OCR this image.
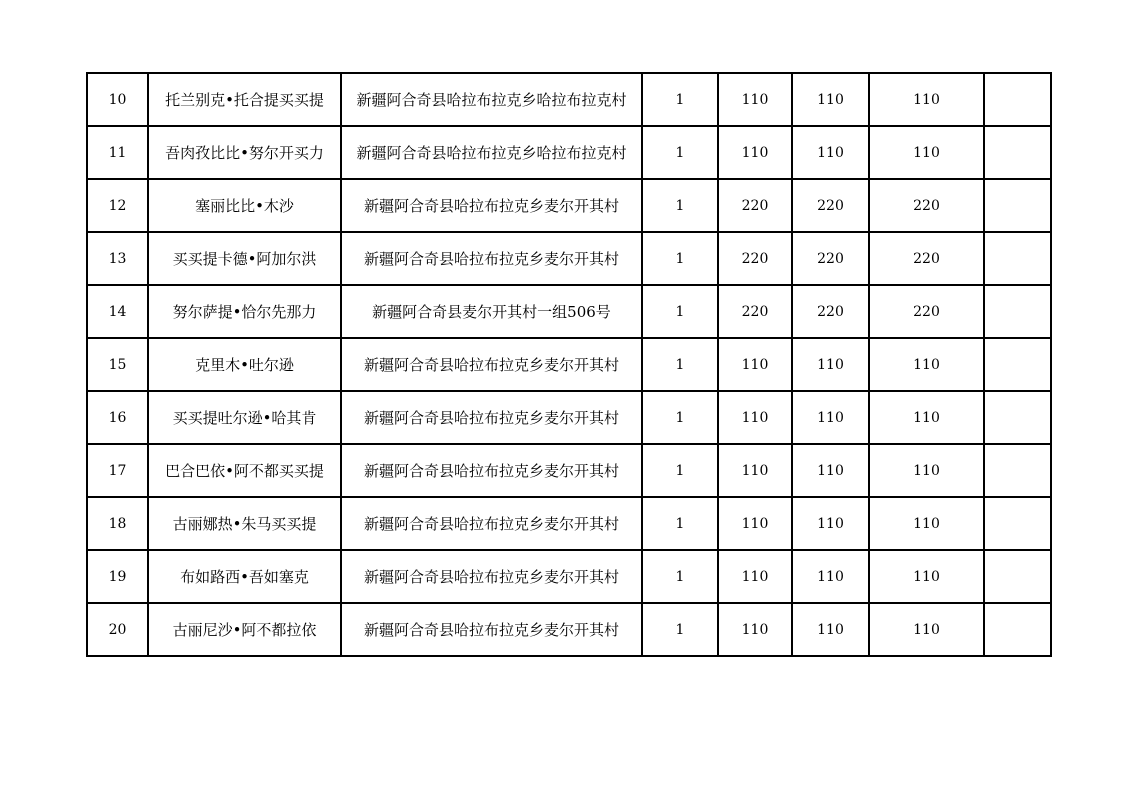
10	托兰别克•托合提买买提	新疆阿合奇县哈拉布拉克乡哈拉布拉克村	1	110	110	110	
11	吾肉孜比比•努尔开买力	新疆阿合奇县哈拉布拉克乡哈拉布拉克村	1	110	110	110	
12	塞丽比比•木沙	新疆阿合奇县哈拉布拉克乡麦尔开其村	1	220	220	220	
13	买买提卡德•阿加尔洪	新疆阿合奇县哈拉布拉克乡麦尔开其村	1	220	220	220	
14	努尔萨提•恰尔先那力	新疆阿合奇县麦尔开其村一组506号	1	220	220	220	
15	克里木•吐尔逊	新疆阿合奇县哈拉布拉克乡麦尔开其村	1	110	110	110	
16	买买提吐尔逊•哈其肯	新疆阿合奇县哈拉布拉克乡麦尔开其村	1	110	110	110	
17	巴合巴依•阿不都买买提	新疆阿合奇县哈拉布拉克乡麦尔开其村	1	110	110	110	
18	古丽娜热•朱马买买提	新疆阿合奇县哈拉布拉克乡麦尔开其村	1	110	110	110	
19	布如路西•吾如塞克	新疆阿合奇县哈拉布拉克乡麦尔开其村	1	110	110	110	
20	古丽尼沙•阿不都拉依	新疆阿合奇县哈拉布拉克乡麦尔开其村	1	110	110	110	
